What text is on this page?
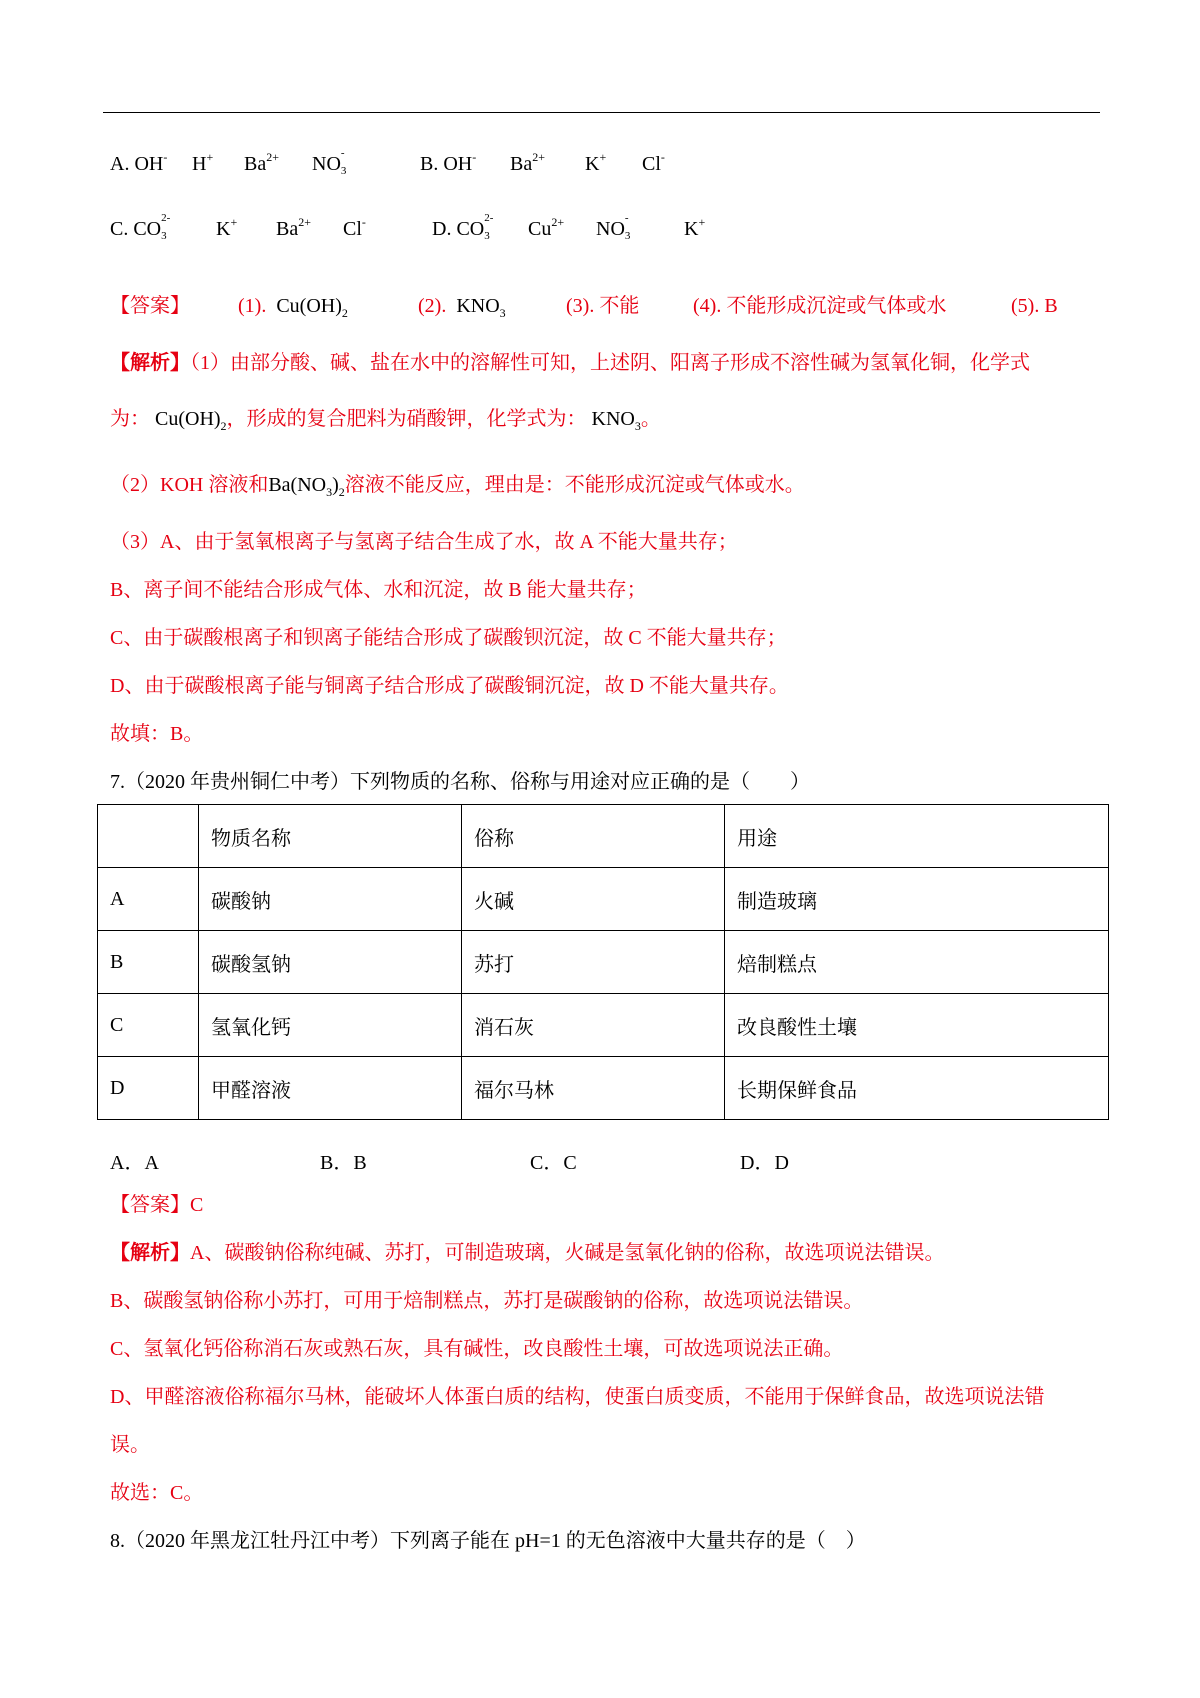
A. OH- H+ $Ba^{2+}$ NO -
3	B. OH- $Ba^{2+}$ K+ Cl-
C. CO 2-
3 K+ $Ba^{2+}$ Cl-	D. CO 2-
3 $Cu^{2+}$ NO -
3	K+
【答案】 (1). $Cu(OH)_2$	(2). $KNO_3$	(3). 不能	(4). 不能形成沉淀或气体或水	(5). B
【解析】（1）由部分酸、碱、盐在水中的溶解性可知，上述阴、阳离子形成不溶性碱为氢氧化铜，化学式
为： $Cu(OH)_2$，形成的复合肥料为硝酸钾，化学式为： $KNO_3$。
（2）KOH 溶液和$Ba(NO_3)_2$溶液不能反应，理由是：不能形成沉淀或气体或水。
（3）A、由于氢氧根离子与氢离子结合生成了水，故 A 不能大量共存；
B、离子间不能结合形成气体、水和沉淀，故 B 能大量共存；
C、由于碳酸根离子和钡离子能结合形成了碳酸钡沉淀，故 C 不能大量共存；
D、由于碳酸根离子能与铜离子结合形成了碳酸铜沉淀，故 D 不能大量共存。
故填：B。
7.（2020 年贵州铜仁中考）下列物质的名称、俗称与用途对应正确的是（　　）
	物质名称	俗称	用途
A	碳酸钠	火碱	制造玻璃
B	碳酸氢钠	苏打	焙制糕点
C	氢氧化钙	消石灰	改良酸性土壤
D	甲醛溶液	福尔马林	长期保鲜食品
A．A	B．B	C．C	D．D
【答案】C
【解析】A、碳酸钠俗称纯碱、苏打，可制造玻璃，火碱是氢氧化钠的俗称，故选项说法错误。
B、碳酸氢钠俗称小苏打，可用于焙制糕点，苏打是碳酸钠的俗称，故选项说法错误。
C、氢氧化钙俗称消石灰或熟石灰，具有碱性，改良酸性土壤，可故选项说法正确。
D、甲醛溶液俗称福尔马林，能破坏人体蛋白质的结构，使蛋白质变质，不能用于保鲜食品，故选项说法错
误。
故选：C。
8.（2020 年黑龙江牡丹江中考）下列离子能在 pH=1 的无色溶液中大量共存的是（　）
